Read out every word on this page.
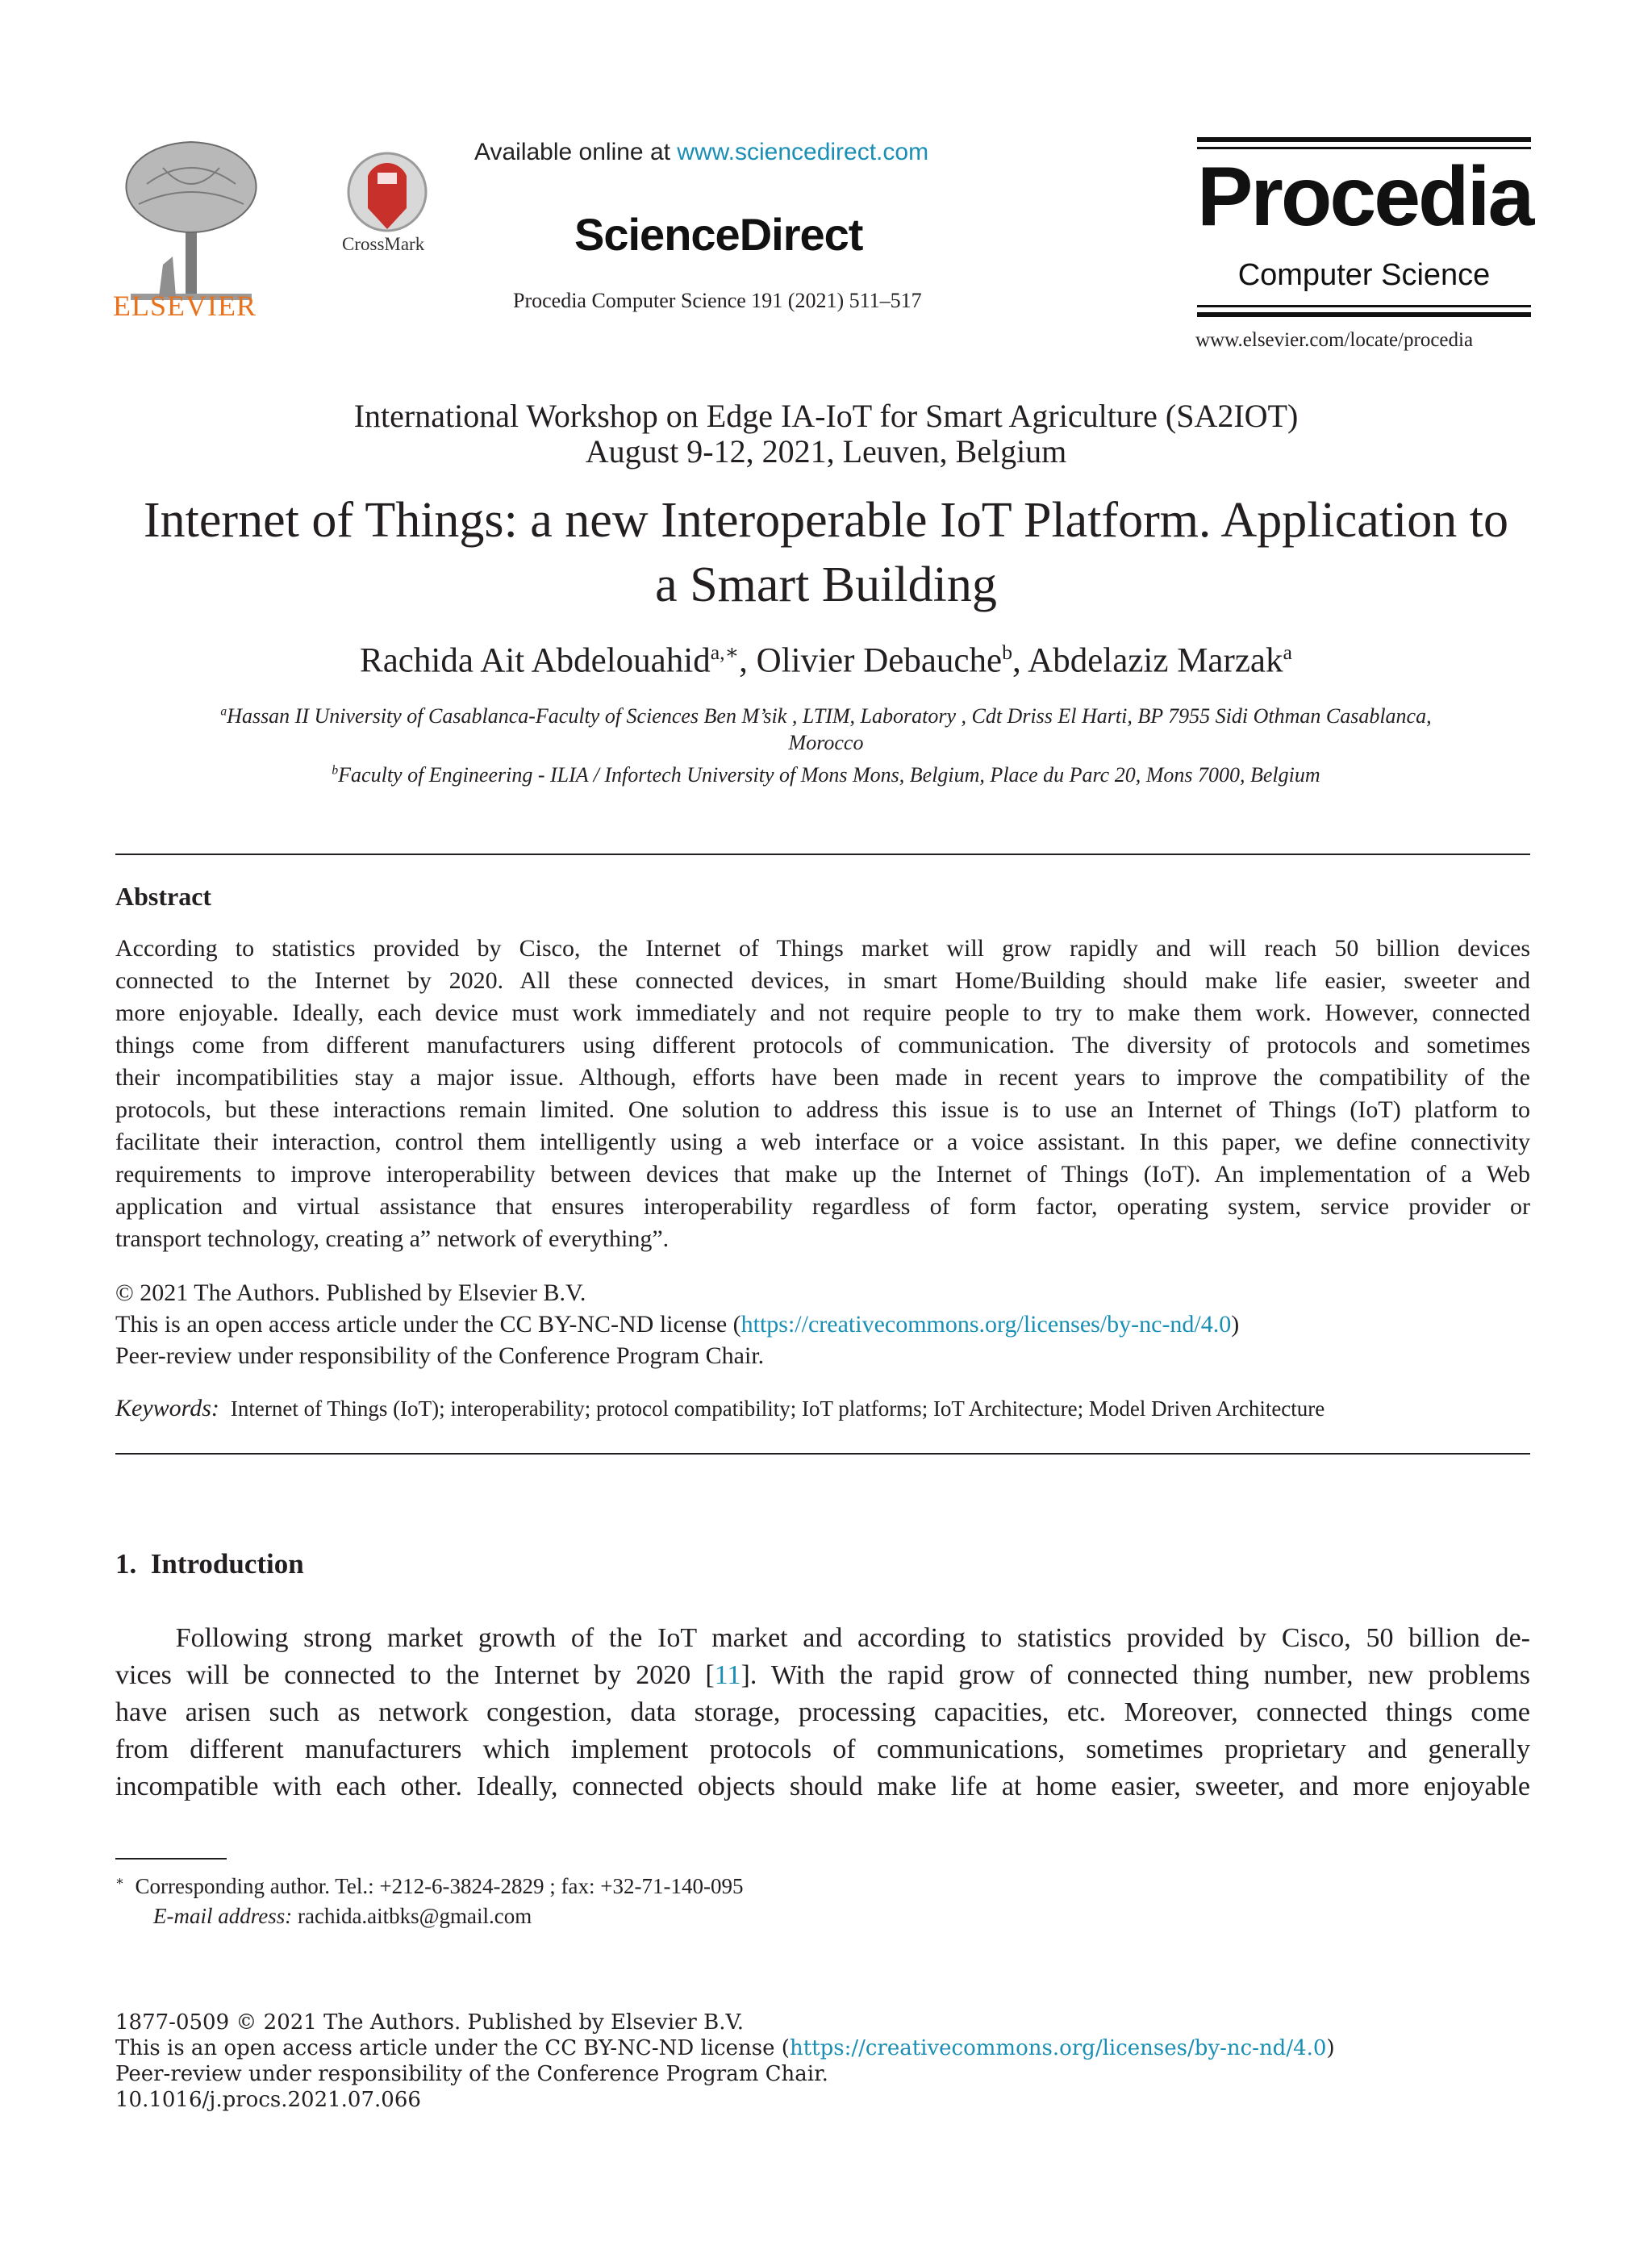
ELSEVIER
CrossMark
Available online at www.sciencedirect.com
ScienceDirect
Procedia Computer Science 191 (2021) 511–517
Procedia
Computer Science
www.elsevier.com/locate/procedia
International Workshop on Edge IA-IoT for Smart Agriculture (SA2IOT)
August 9-12, 2021, Leuven, Belgium
Internet of Things: a new Interoperable IoT Platform. Application to
a Smart Building
Rachida Ait Abdelouahid$^{a,∗}$, Olivier Debauche$^b$, Abdelaziz Marzak$^a$
$^a$Hassan II University of Casablanca-Faculty of Sciences Ben M’sik , LTIM, Laboratory , Cdt Driss El Harti, BP 7955 Sidi Othman Casablanca,
Morocco
$^b$Faculty of Engineering - ILIA / Infortech University of Mons Mons, Belgium, Place du Parc 20, Mons 7000, Belgium
Abstract
According to statistics provided by Cisco, the Internet of Things market will grow rapidly and will reach 50 billion devices
connected to the Internet by 2020. All these connected devices, in smart Home/Building should make life easier, sweeter and
more enjoyable. Ideally, each device must work immediately and not require people to try to make them work. However, connected
things come from different manufacturers using different protocols of communication. The diversity of protocols and sometimes
their incompatibilities stay a major issue. Although, efforts have been made in recent years to improve the compatibility of the
protocols, but these interactions remain limited. One solution to address this issue is to use an Internet of Things (IoT) platform to
facilitate their interaction, control them intelligently using a web interface or a voice assistant. In this paper, we define connectivity
requirements to improve interoperability between devices that make up the Internet of Things (IoT). An implementation of a Web
application and virtual assistance that ensures interoperability regardless of form factor, operating system, service provider or
transport technology, creating a” network of everything”.
© 2021 The Authors. Published by Elsevier B.V.
This is an open access article under the CC BY-NC-ND license (https://creativecommons.org/licenses/by-nc-nd/4.0)
Peer-review under responsibility of the Conference Program Chair.
Keywords: Internet of Things (IoT); interoperability; protocol compatibility; IoT platforms; IoT Architecture; Model Driven Architecture
1.  Introduction
Following strong market growth of the IoT market and according to statistics provided by Cisco, 50 billion de-
vices will be connected to the Internet by 2020 [11]. With the rapid grow of connected thing number, new problems
have arisen such as network congestion, data storage, processing capacities, etc. Moreover, connected things come
from different manufacturers which implement protocols of communications, sometimes proprietary and generally
incompatible with each other. Ideally, connected objects should make life at home easier, sweeter, and more enjoyable
∗ Corresponding author. Tel.: +212-6-3824-2829 ; fax: +32-71-140-095
E-mail address: rachida.aitbks@gmail.com
1877-0509 © 2021 The Authors. Published by Elsevier B.V.
This is an open access article under the CC BY-NC-ND license (https://creativecommons.org/licenses/by-nc-nd/4.0)
Peer-review under responsibility of the Conference Program Chair.
10.1016/j.procs.2021.07.066
